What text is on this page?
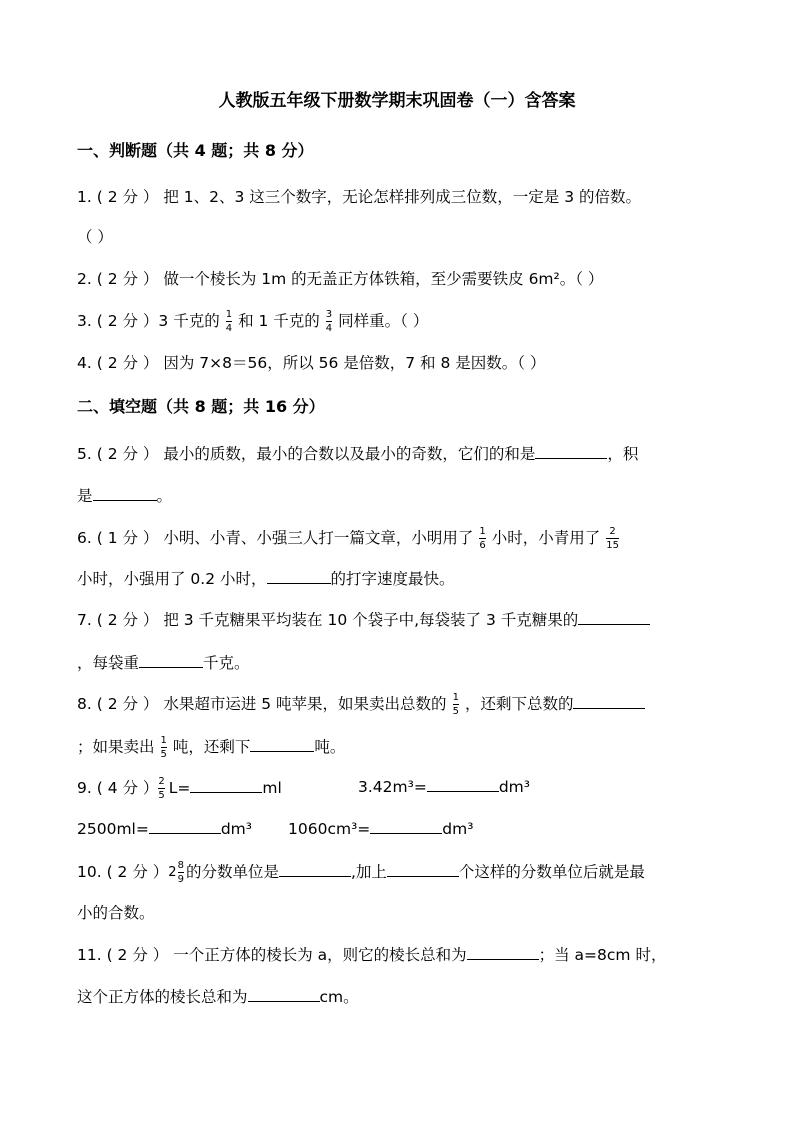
人教版五年级下册数学期末巩固卷（一）含答案
一、判断题（共 4 题；共 8 分）
1. ( 2 分 ） 把 1、2、3 这三个数字，无论怎样排列成三位数，一定是 3 的倍数。
（ ）
2. ( 2 分 ） 做一个棱长为 1m 的无盖正方体铁箱，至少需要铁皮 6m²。（ ）
3. ( 2 分 ）3 千克的 $\frac{1}{4}$ 和 1 千克的 $\frac{3}{4}$ 同样重。（ ）
4. ( 2 分 ） 因为 7×8＝56，所以 56 是倍数，7 和 8 是因数。（ ）
二、填空题（共 8 题；共 16 分）
5. ( 2 分 ） 最小的质数，最小的合数以及最小的奇数，它们的和是	，积
是	。
6. ( 1 分 ） 小明、小青、小强三人打一篇文章，小明用了 $\frac{1}{6}$ 小时，小青用了 $\frac{2}{15}$
小时，小强用了 0.2 小时，	的打字速度最快。
7. ( 2 分 ） 把 3 千克糖果平均装在 10 个袋子中,每袋装了 3 千克糖果的
，每袋重	千克。
8. ( 2 分 ） 水果超市运进 5 吨苹果，如果卖出总数的 $\frac{1}{5}$ ，还剩下总数的
；如果卖出 $\frac{1}{5}$ 吨，还剩下	吨。
9. ( 4 分 ） $\frac{2}{5} L=$	ml	3.42m³=	dm³
2500ml=	dm³ 1060cm³=	dm³
10. ( 2 分 ）$2 \frac{8}{9}$ 的分数单位是	,加上	个这样的分数单位后就是最
小的合数。
11. ( 2 分 ） 一个正方体的棱长为 a，则它的棱长总和为	；当 a=8cm 时，
这个正方体的棱长总和为	cm。
